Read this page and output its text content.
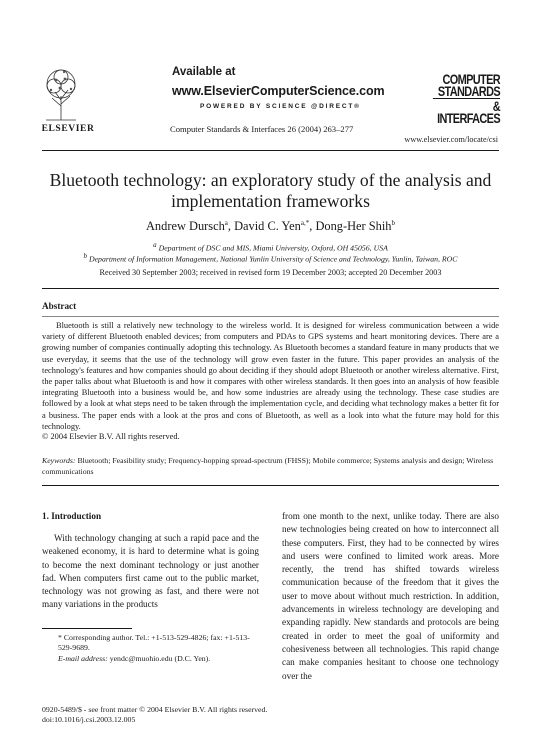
ELSEVIER
Available at
www.ElsevierComputerScience.com
POWERED BY SCIENCE @DIRECT®
Computer Standards & Interfaces 26 (2004) 263–277
COMPUTER STANDARDS
& INTERFACES
www.elsevier.com/locate/csi
Bluetooth technology: an exploratory study of the analysis and implementation frameworks
Andrew Dursch$^a$, David C. Yen$^{a,*}$, Dong-Her Shih$^b$
$^a$ Department of DSC and MIS, Miami University, Oxford, OH 45056, USA
$^b$ Department of Information Management, National Yunlin University of Science and Technology, Yunlin, Taiwan, ROC
Received 30 September 2003; received in revised form 19 December 2003; accepted 20 December 2003
Abstract
Bluetooth is still a relatively new technology to the wireless world. It is designed for wireless communication between a wide variety of different Bluetooth enabled devices; from computers and PDAs to GPS systems and heart monitoring devices. There are a growing number of companies continually adopting this technology. As Bluetooth becomes a standard feature in many products that we use everyday, it seems that the use of the technology will grow even faster in the future. This paper provides an analysis of the technology's features and how companies should go about deciding if they should adopt Bluetooth or another wireless alternative. First, the paper talks about what Bluetooth is and how it compares with other wireless standards. It then goes into an analysis of how feasible integrating Bluetooth into a business would be, and how some industries are already using the technology. These case studies are followed by a look at what steps need to be taken through the implementation cycle, and deciding what technology makes a better fit for a business. The paper ends with a look at the pros and cons of Bluetooth, as well as a look into what the future may hold for this technology.
© 2004 Elsevier B.V. All rights reserved.
Keywords: Bluetooth; Feasibility study; Frequency-hopping spread-spectrum (FHSS); Mobile commerce; Systems analysis and design; Wireless communications
1. Introduction
With technology changing at such a rapid pace and the weakened economy, it is hard to determine what is going to become the next dominant technology or just another fad. When computers first came out to the public market, technology was not growing as fast, and there were not many variations in the products
from one month to the next, unlike today. There are also new technologies being created on how to interconnect all these computers. First, they had to be connected by wires and users were confined to limited work areas. More recently, the trend has shifted towards wireless communication because of the freedom that it gives the user to move about without much restriction. In addition, advancements in wireless technology are developing and expanding rapidly. New standards and protocols are being created in order to meet the goal of uniformity and cohesiveness between all technologies. This rapid change can make companies hesitant to choose one technology over the
* Corresponding author. Tel.: +1-513-529-4826; fax: +1-513-529-9689.
E-mail address: yendc@muohio.edu (D.C. Yen).
0920-5489/$ - see front matter © 2004 Elsevier B.V. All rights reserved.
doi:10.1016/j.csi.2003.12.005
